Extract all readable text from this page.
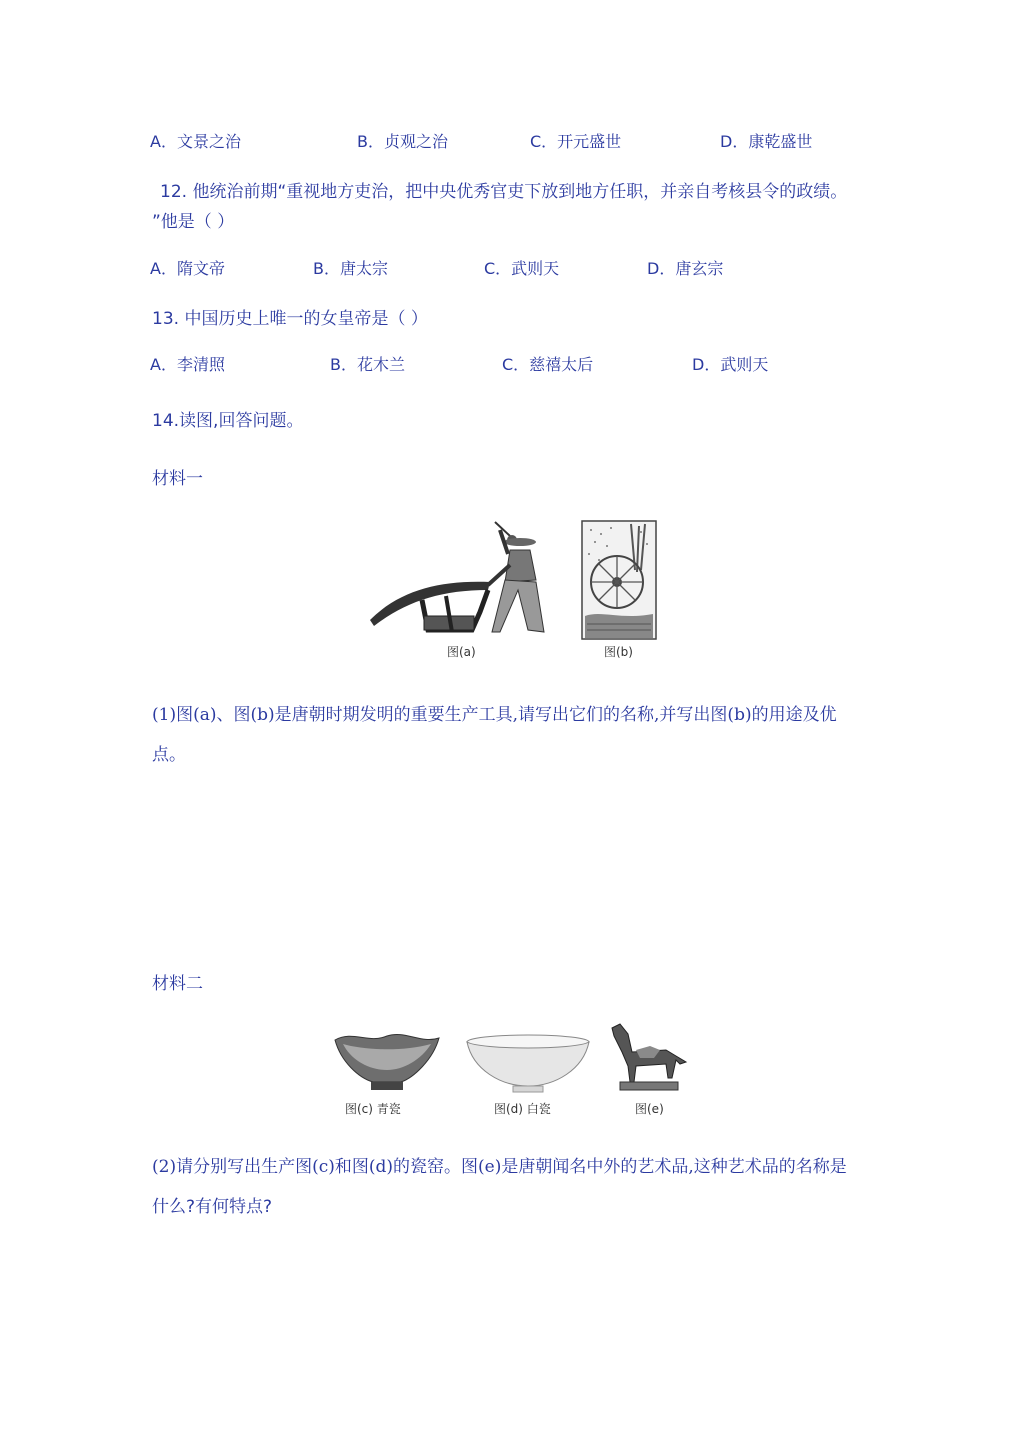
A．文景之治	B．贞观之治	C．开元盛世	D．康乾盛世
12. 他统治前期“重视地方吏治，把中央优秀官吏下放到地方任职，并亲自考核县令的政绩。
”他是（ ）
A．隋文帝	B．唐太宗	C．武则天	D．唐玄宗
13. 中国历史上唯一的女皇帝是（ ）
A．李清照	B．花木兰	C．慈禧太后	D．武则天
14.读图,回答问题。
材料一
图(a)	图(b)
(1)图(a)、图(b)是唐朝时期发明的重要生产工具,请写出它们的名称,并写出图(b)的用途及优
点。
材料二
图(c) 青瓷	图(d) 白瓷	图(e)
(2)请分别写出生产图(c)和图(d)的瓷窑。图(e)是唐朝闻名中外的艺术品,这种艺术品的名称是
什么?有何特点?
